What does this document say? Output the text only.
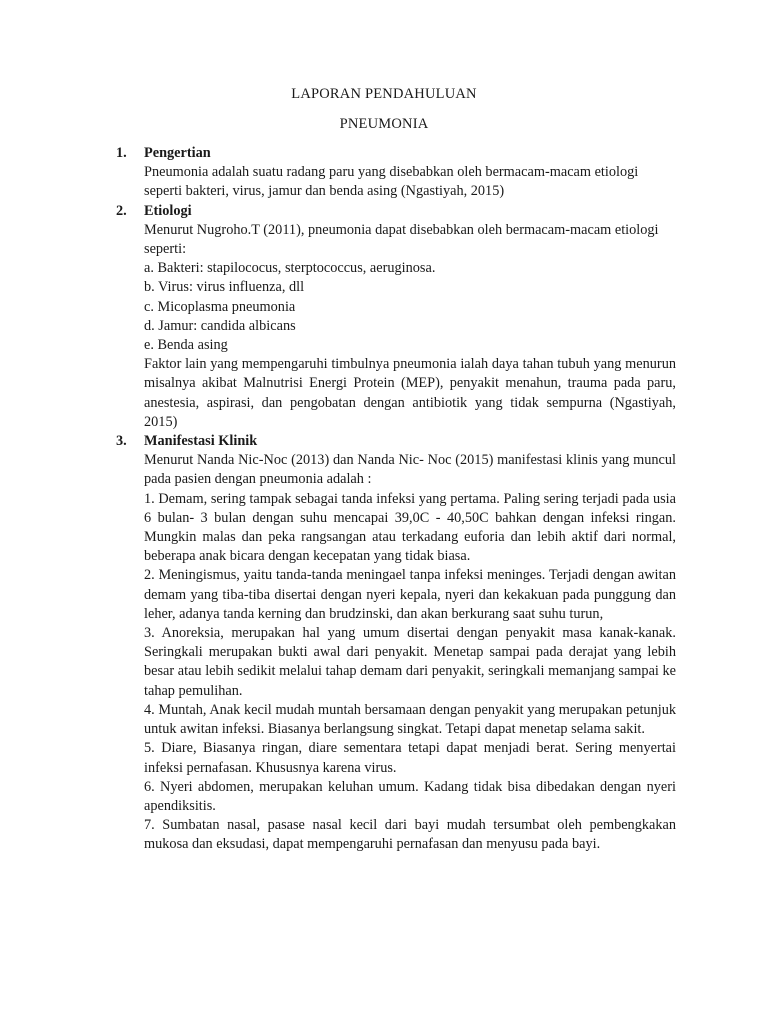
LAPORAN PENDAHULUAN
PNEUMONIA
1. Pengertian

Pneumonia adalah suatu radang paru yang disebabkan oleh bermacam-macam etiologi seperti bakteri, virus, jamur dan benda asing (Ngastiyah, 2015)

2. Etiologi

Menurut Nugroho.T (2011), pneumonia dapat disebabkan oleh bermacam-macam etiologi seperti:

a. Bakteri: stapilococus, sterptococcus, aeruginosa.

b. Virus: virus influenza, dll

c. Micoplasma pneumonia

d. Jamur: candida albicans

e. Benda asing

Faktor lain yang mempengaruhi timbulnya pneumonia ialah daya tahan tubuh yang menurun misalnya akibat Malnutrisi Energi Protein (MEP), penyakit menahun, trauma pada paru, anestesia, aspirasi, dan pengobatan dengan antibiotik yang tidak sempurna (Ngastiyah, 2015)

3. Manifestasi Klinik

Menurut Nanda Nic-Noc (2013) dan Nanda Nic- Noc (2015) manifestasi klinis yang muncul pada pasien dengan pneumonia adalah :

1. Demam, sering tampak sebagai tanda infeksi yang pertama. Paling sering terjadi pada usia 6 bulan- 3 bulan dengan suhu mencapai 39,0C - 40,50C bahkan dengan infeksi ringan. Mungkin malas dan peka rangsangan atau terkadang euforia dan lebih aktif dari normal, beberapa anak bicara dengan kecepatan yang tidak biasa.

2. Meningismus, yaitu tanda-tanda meningael tanpa infeksi meninges. Terjadi dengan awitan demam yang tiba-tiba disertai dengan nyeri kepala, nyeri dan kekakuan pada punggung dan leher, adanya tanda kerning dan brudzinski, dan akan berkurang saat suhu turun,

3. Anoreksia, merupakan hal yang umum disertai dengan penyakit masa kanak-kanak. Seringkali merupakan bukti awal dari penyakit. Menetap sampai pada derajat yang lebih besar atau lebih sedikit melalui tahap demam dari penyakit, seringkali memanjang sampai ke tahap pemulihan.

4. Muntah, Anak kecil mudah muntah bersamaan dengan penyakit yang merupakan petunjuk untuk awitan infeksi. Biasanya berlangsung singkat. Tetapi dapat menetap selama sakit.

5. Diare, Biasanya ringan, diare sementara tetapi dapat menjadi berat. Sering menyertai infeksi pernafasan. Khususnya karena virus.

6. Nyeri abdomen, merupakan keluhan umum. Kadang tidak bisa dibedakan dengan nyeri apendiksitis.

7. Sumbatan nasal, pasase nasal kecil dari bayi mudah tersumbat oleh pembengkakan mukosa dan eksudasi, dapat mempengaruhi pernafasan dan menyusu pada bayi.
